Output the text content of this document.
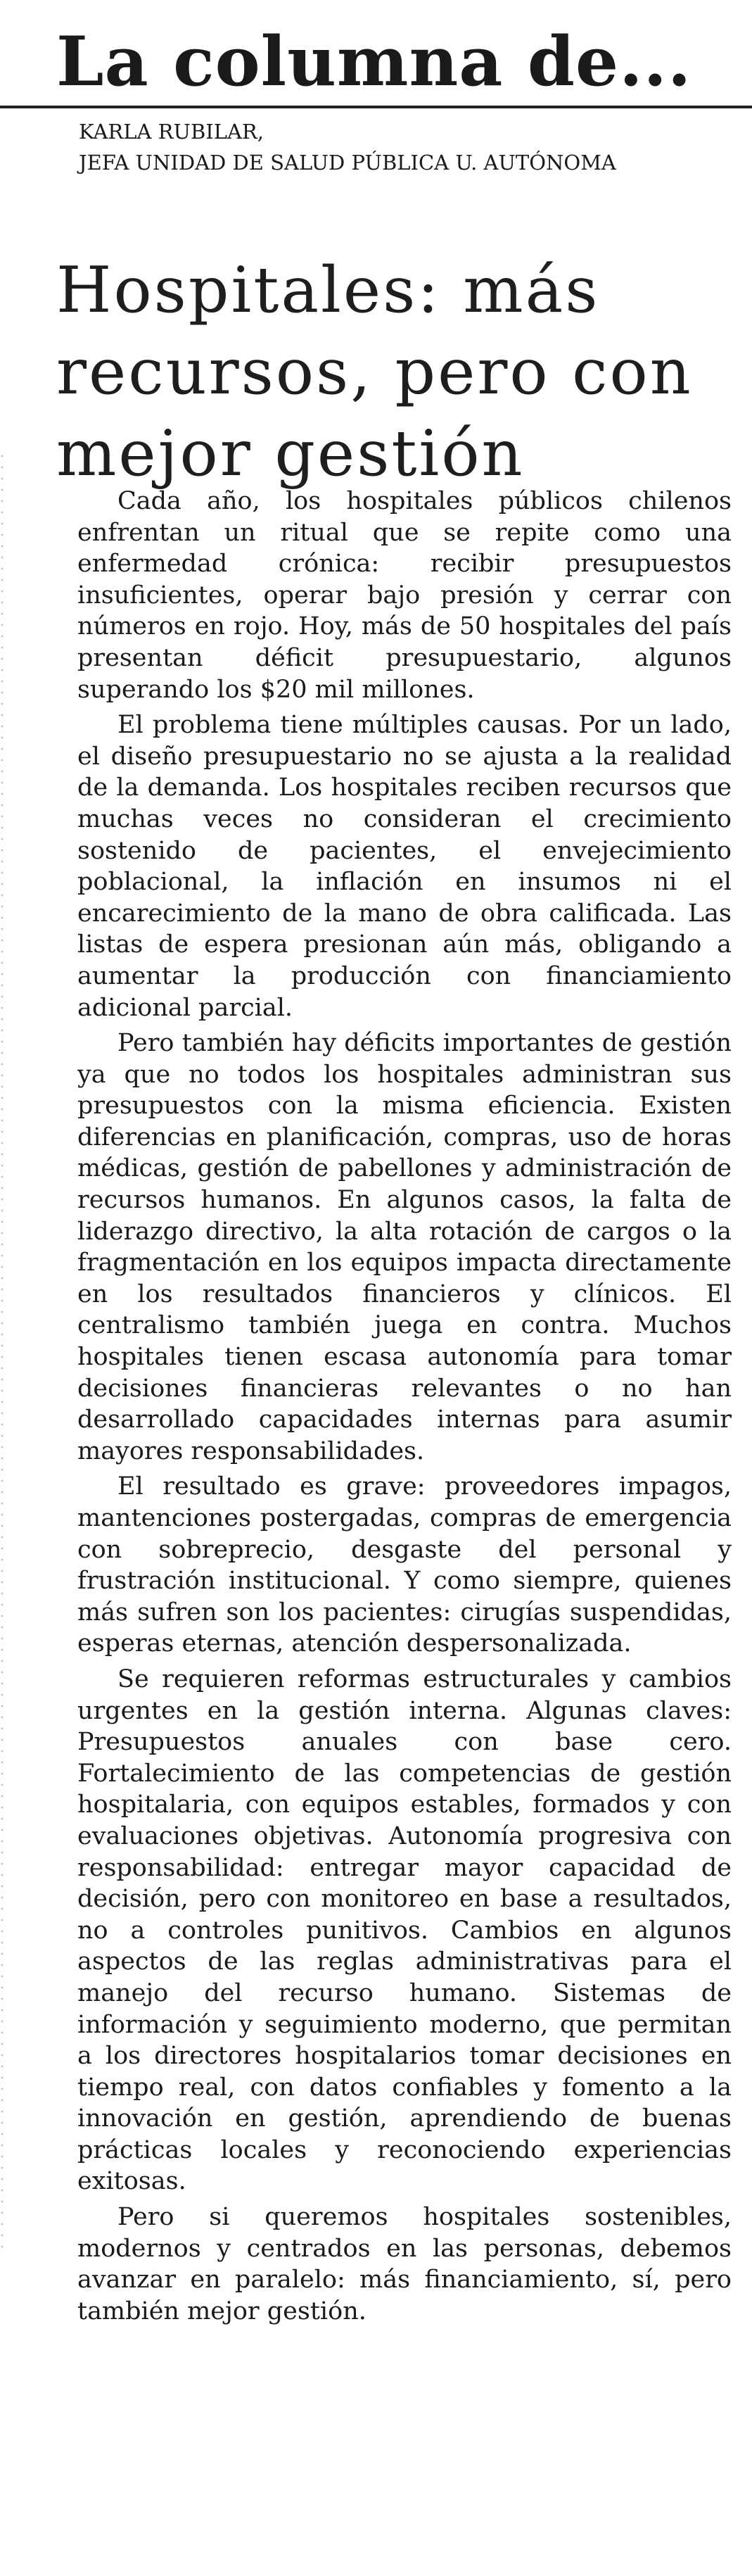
La columna de...
KARLA RUBILAR,
JEFA UNIDAD DE SALUD PÚBLICA U. AUTÓNOMA
Hospitales: más
recursos, pero con
mejor gestión

Cada año, los hospitales públicos chilenos enfrentan un ritual que se repite como una enfermedad crónica: recibir presupuestos insuficientes, operar bajo presión y cerrar con números en rojo. Hoy, más de 50 hospitales del país presentan déficit presupuestario, algunos superando los $20 mil millones.

El problema tiene múltiples causas. Por un lado, el diseño presupuestario no se ajusta a la realidad de la demanda. Los hospitales reciben recursos que muchas veces no consideran el crecimiento sostenido de pacientes, el envejecimiento poblacional, la inflación en insumos ni el encarecimiento de la mano de obra calificada. Las listas de espera presionan aún más, obligando a aumentar la producción con financiamiento adicional parcial.

Pero también hay déficits importantes de gestión ya que no todos los hospitales administran sus presupuestos con la misma eficiencia. Existen diferencias en planificación, compras, uso de horas médicas, gestión de pabellones y administración de recursos humanos. En algunos casos, la falta de liderazgo directivo, la alta rotación de cargos o la fragmentación en los equipos impacta directamente en los resultados financieros y clínicos. El centralismo también juega en contra. Muchos hospitales tienen escasa autonomía para tomar decisiones financieras relevantes o no han desarrollado capacidades internas para asumir mayores responsabilidades.

El resultado es grave: proveedores impagos, mantenciones postergadas, compras de emergencia con sobreprecio, desgaste del personal y frustración institucional. Y como siempre, quienes más sufren son los pacientes: cirugías suspendidas, esperas eternas, atención despersonalizada.

Se requieren reformas estructurales y cambios urgentes en la gestión interna. Algunas claves: Presupuestos anuales con base cero. Fortalecimiento de las competencias de gestión hospitalaria, con equipos estables, formados y con evaluaciones objetivas. Autonomía progresiva con responsabilidad: entregar mayor capacidad de decisión, pero con monitoreo en base a resultados, no a controles punitivos. Cambios en algunos aspectos de las reglas administrativas para el manejo del recurso humano. Sistemas de información y seguimiento moderno, que permitan a los directores hospitalarios tomar decisiones en tiempo real, con datos confiables y fomento a la innovación en gestión, aprendiendo de buenas prácticas locales y reconociendo experiencias exitosas.

Pero si queremos hospitales sostenibles, modernos y centrados en las personas, debemos avanzar en paralelo: más financiamiento, sí, pero también mejor gestión.
